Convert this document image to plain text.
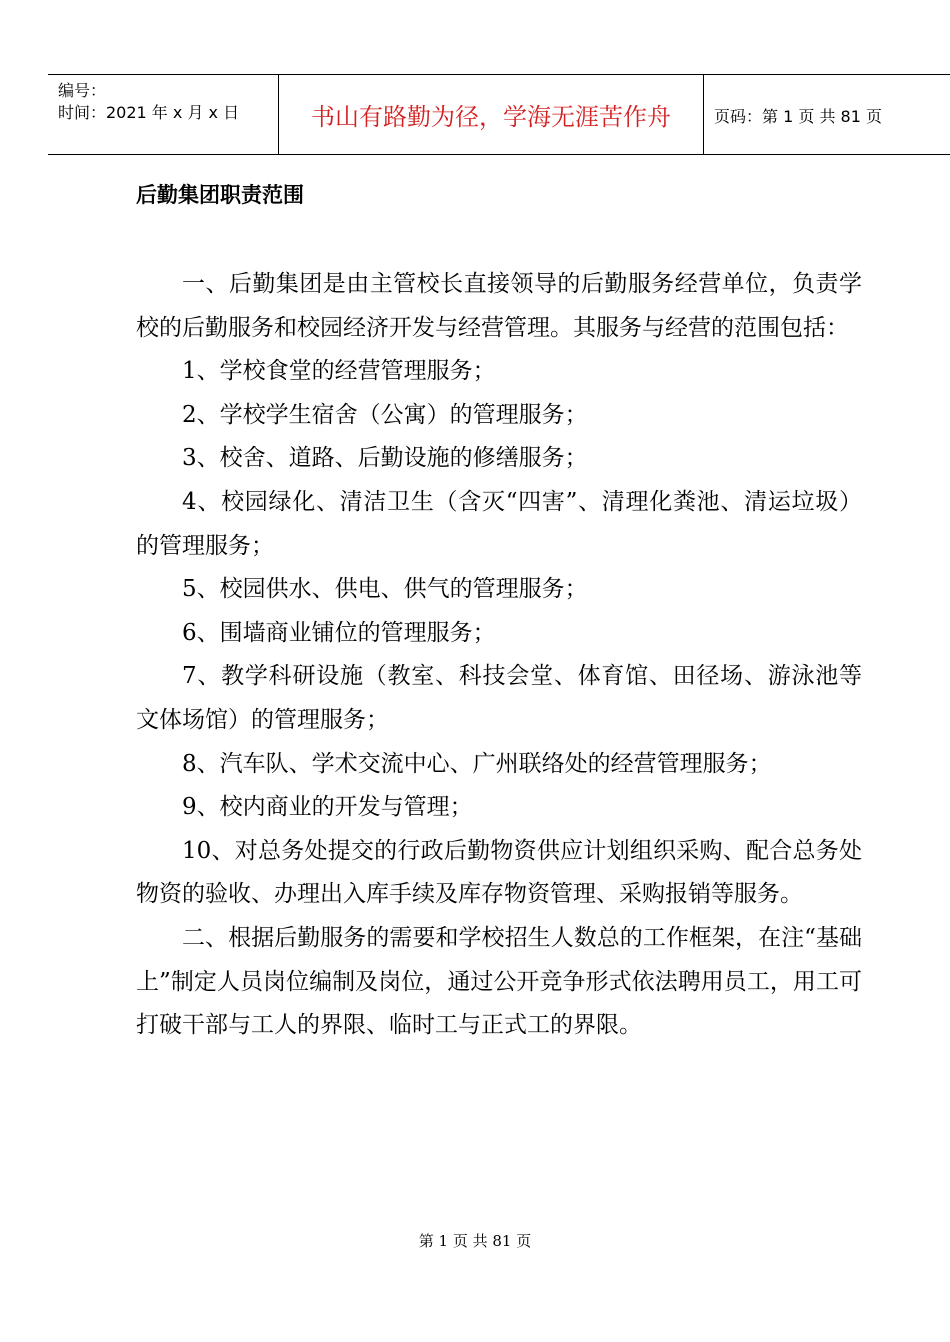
编号：
时间：2021 年 x 月 x 日	书山有路勤为径，学海无涯苦作舟	页码：第 1 页 共 81 页
后勤集团职责范围

一、后勤集团是由主管校长直接领导的后勤服务经营单位，负责学校的后勤服务和校园经济开发与经营管理。其服务与经营的范围包括：

1、学校食堂的经营管理服务；

2、学校学生宿舍（公寓）的管理服务；

3、校舍、道路、后勤设施的修缮服务；

4、校园绿化、清洁卫生（含灭“四害”、清理化粪池、清运垃圾）的管理服务；

5、校园供水、供电、供气的管理服务；

6、围墙商业铺位的管理服务；

7、教学科研设施（教室、科技会堂、体育馆、田径场、游泳池等文体场馆）的管理服务；

8、汽车队、学术交流中心、广州联络处的经营管理服务；

9、校内商业的开发与管理；

10、对总务处提交的行政后勤物资供应计划组织采购、配合总务处物资的验收、办理出入库手续及库存物资管理、采购报销等服务。

二、根据后勤服务的需要和学校招生人数总的工作框架，在注“基础上”制定人员岗位编制及岗位，通过公开竞争形式依法聘用员工，用工可打破干部与工人的界限、临时工与正式工的界限。

第 1 页 共 81 页
